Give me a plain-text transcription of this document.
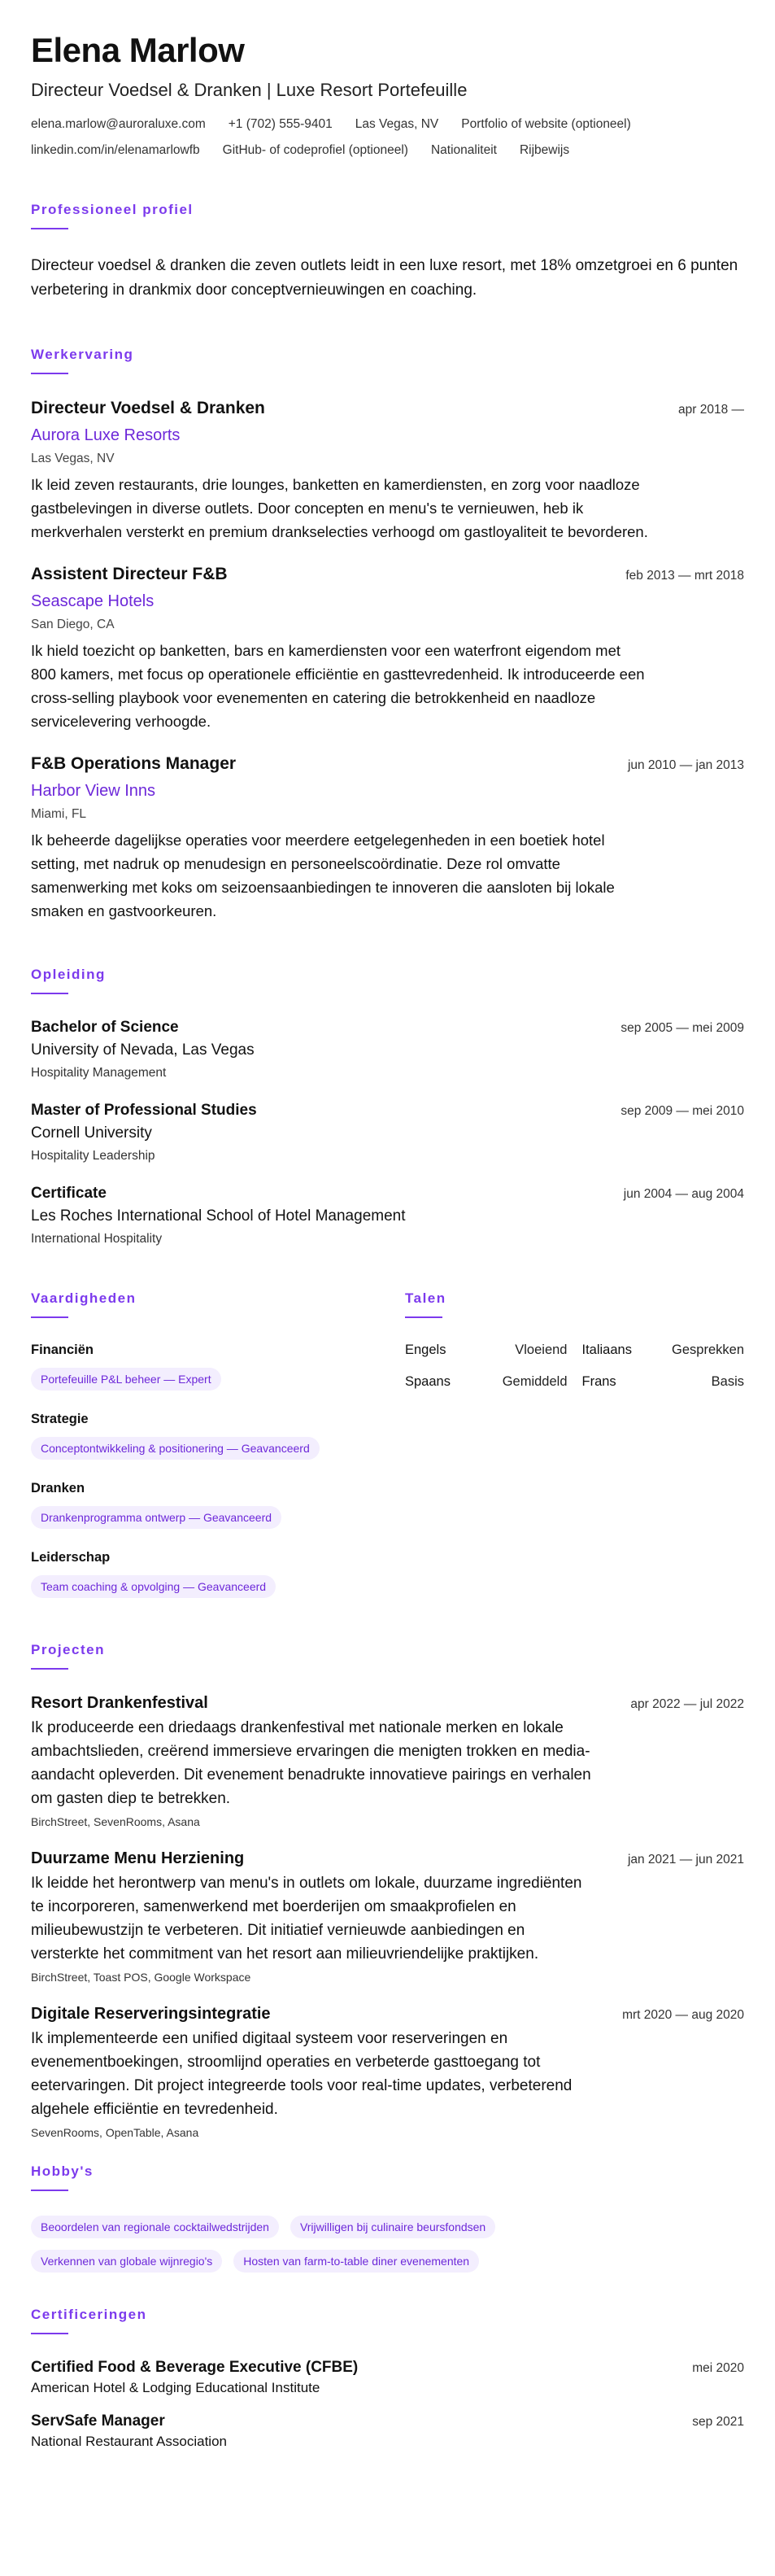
Elena Marlow
Directeur Voedsel & Dranken | Luxe Resort Portefeuille
elena.marlow@auroraluxe.com +1 (702) 555-9401 Las Vegas, NV Portfolio of website (optioneel)
linkedin.com/in/elenamarlowfb GitHub- of codeprofiel (optioneel) Nationaliteit Rijbewijs
Professioneel profiel

Directeur voedsel & dranken die zeven outlets leidt in een luxe resort, met 18% omzetgroei en 6 punten verbetering in drankmix door conceptvernieuwingen en coaching.

Werkervaring
Directeur Voedsel & Dranken	apr 2018 —
Aurora Luxe Resorts
Las Vegas, NV

Ik leid zeven restaurants, drie lounges, banketten en kamerdiensten, en zorg voor naadloze gastbelevingen in diverse outlets. Door concepten en menu's te vernieuwen, heb ik merkverhalen versterkt en premium drankselecties verhoogd om gastloyaliteit te bevorderen.

Assistent Directeur F&B	feb 2013 — mrt 2018
Seascape Hotels
San Diego, CA

Ik hield toezicht op banketten, bars en kamerdiensten voor een waterfront eigendom met 800 kamers, met focus op operationele efficiëntie en gasttevredenheid. Ik introduceerde een cross-selling playbook voor evenementen en catering die betrokkenheid en naadloze servicelevering verhoogde.

F&B Operations Manager	jun 2010 — jan 2013
Harbor View Inns
Miami, FL

Ik beheerde dagelijkse operaties voor meerdere eetgelegenheden in een boetiek hotel setting, met nadruk op menudesign en personeelscoördinatie. Deze rol omvatte samenwerking met koks om seizoensaanbiedingen te innoveren die aansloten bij lokale smaken en gastvoorkeuren.

Opleiding
Bachelor of Science	sep 2005 — mei 2009
University of Nevada, Las Vegas
Hospitality Management
Master of Professional Studies	sep 2009 — mei 2010
Cornell University
Hospitality Leadership
Certificate	jun 2004 — aug 2004
Les Roches International School of Hotel Management
International Hospitality
Vaardigheden
Financiën
Portefeuille P&L beheer — Expert
Strategie
Conceptontwikkeling & positionering — Geavanceerd
Dranken
Drankenprogramma ontwerp — Geavanceerd
Leiderschap
Team coaching & opvolging — Geavanceerd
Talen
Engels	Vloeiend Italiaans	Gesprekken
Spaans	Gemiddeld Frans	Basis
Projecten
Resort Drankenfestival	apr 2022 — jul 2022

Ik produceerde een driedaags drankenfestival met nationale merken en lokale ambachtslieden, creërend immersieve ervaringen die menigten trokken en media-aandacht opleverden. Dit evenement benadrukte innovatieve pairings en verhalen om gasten diep te betrekken.

BirchStreet, SevenRooms, Asana
Duurzame Menu Herziening	jan 2021 — jun 2021

Ik leidde het herontwerp van menu's in outlets om lokale, duurzame ingrediënten te incorporeren, samenwerkend met boerderijen om smaakprofielen en milieubewustzijn te verbeteren. Dit initiatief vernieuwde aanbiedingen en versterkte het commitment van het resort aan milieuvriendelijke praktijken.

BirchStreet, Toast POS, Google Workspace
Digitale Reserveringsintegratie	mrt 2020 — aug 2020

Ik implementeerde een unified digitaal systeem voor reserveringen en evenementboekingen, stroomlijnd operaties en verbeterde gasttoegang tot eetervaringen. Dit project integreerde tools voor real-time updates, verbeterend algehele efficiëntie en tevredenheid.

SevenRooms, OpenTable, Asana
Hobby's
Beoordelen van regionale cocktailwedstrijden	Vrijwilligen bij culinaire beursfondsen
Verkennen van globale wijnregio's	Hosten van farm-to-table diner evenementen
Certificeringen
Certified Food & Beverage Executive (CFBE)	mei 2020
American Hotel & Lodging Educational Institute
ServSafe Manager	sep 2021
National Restaurant Association
